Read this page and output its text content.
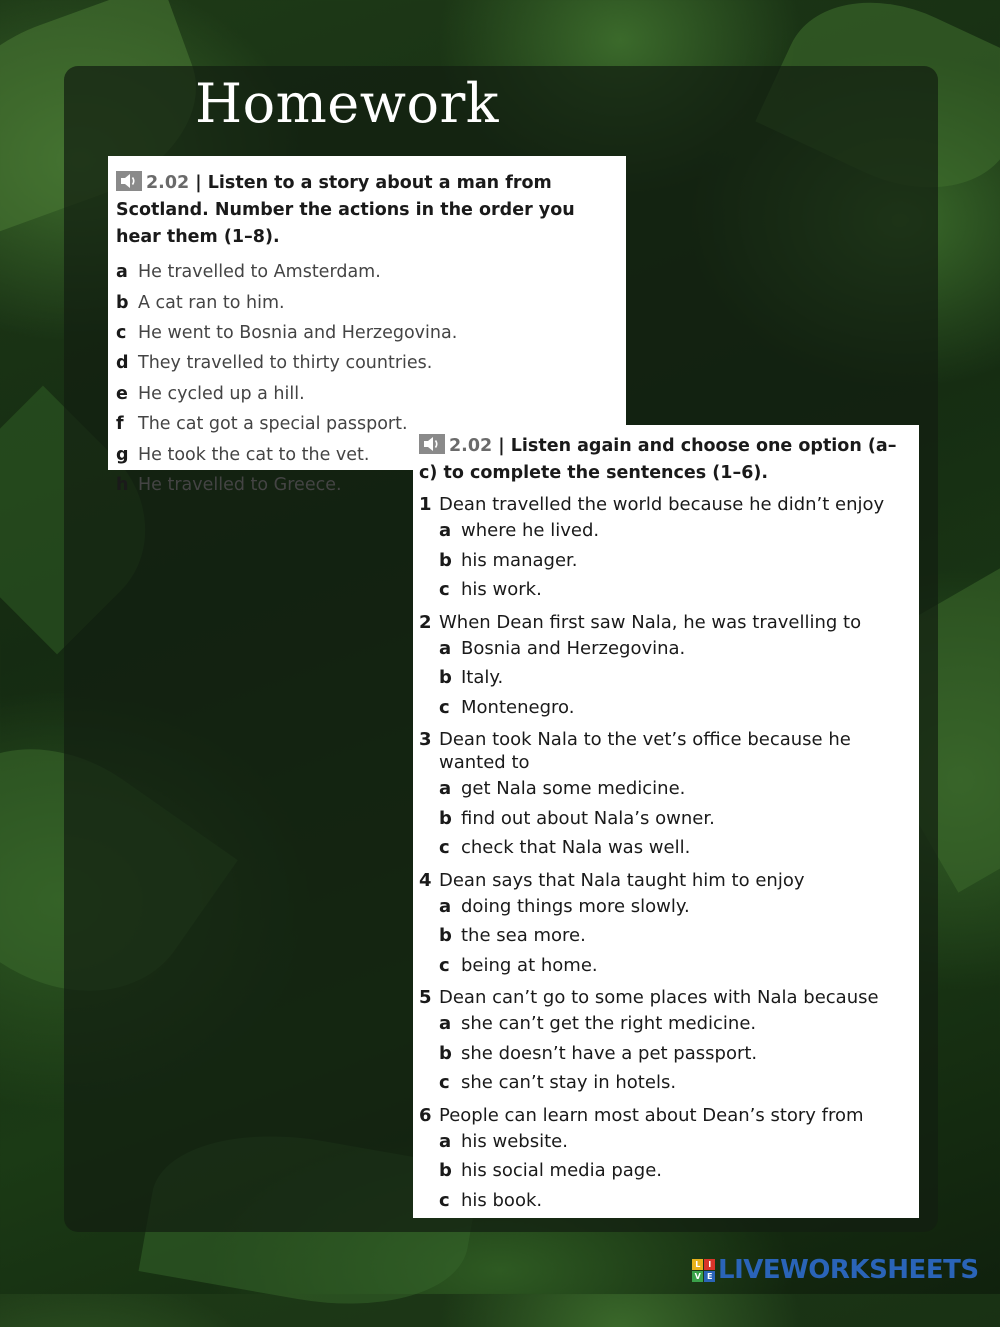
Homework
2.02 | Listen to a story about a man from Scotland. Number the actions in the order you hear them (1–8).
a He travelled to Amsterdam.
b A cat ran to him.
c He went to Bosnia and Herzegovina.
d They travelled to thirty countries.
e He cycled up a hill.
f The cat got a special passport.
g He took the cat to the vet.
h He travelled to Greece.
2.02 | Listen again and choose one option (a–c) to complete the sentences (1–6).
1 Dean travelled the world because he didn’t enjoy
a where he lived.
b his manager.
c his work.
2 When Dean first saw Nala, he was travelling to
a Bosnia and Herzegovina.
b Italy.
c Montenegro.
3 Dean took Nala to the vet’s office because he wanted to
a get Nala some medicine.
b find out about Nala’s owner.
c check that Nala was well.
4 Dean says that Nala taught him to enjoy
a doing things more slowly.
b the sea more.
c being at home.
5 Dean can’t go to some places with Nala because
a she can’t get the right medicine.
b she doesn’t have a pet passport.
c she can’t stay in hotels.
6 People can learn most about Dean’s story from
a his website.
b his social media page.
c his book.
L	I
V E LIVEWORKSHEETS
